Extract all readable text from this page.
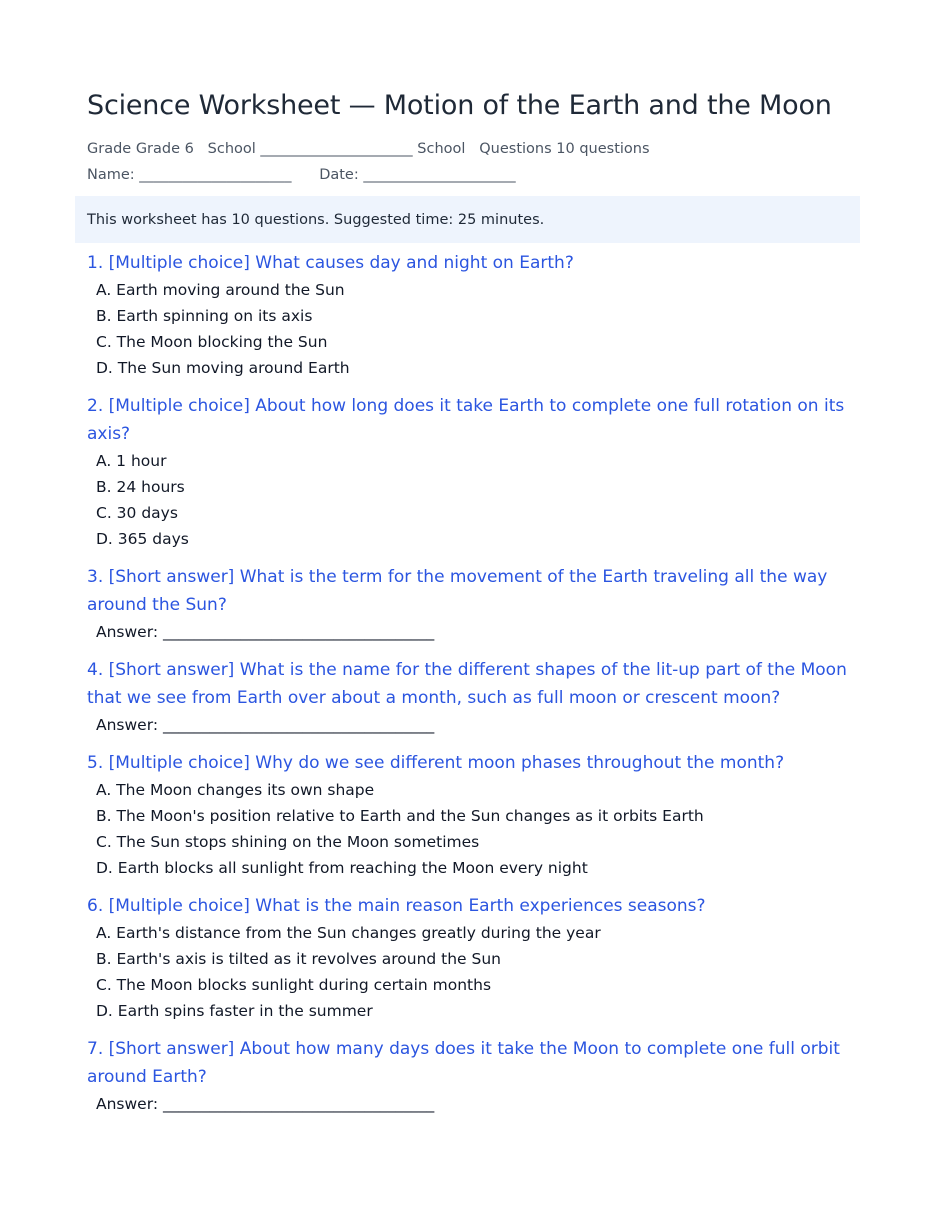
Science Worksheet — Motion of the Earth and the Moon
Grade Grade 6   School _____________________ School   Questions 10 questions
Name: _____________________ Date: _____________________
This worksheet has 10 questions. Suggested time: 25 minutes.
1. [Multiple choice] What causes day and night on Earth?
A. Earth moving around the Sun
B. Earth spinning on its axis
C. The Moon blocking the Sun
D. The Sun moving around Earth
2. [Multiple choice] About how long does it take Earth to complete one full rotation on its axis?
A. 1 hour
B. 24 hours
C. 30 days
D. 365 days
3. [Short answer] What is the term for the movement of the Earth traveling all the way around the Sun?
Answer: ___________________________________
4. [Short answer] What is the name for the different shapes of the lit-up part of the Moon that we see from Earth over about a month, such as full moon or crescent moon?
Answer: ___________________________________
5. [Multiple choice] Why do we see different moon phases throughout the month?
A. The Moon changes its own shape
B. The Moon's position relative to Earth and the Sun changes as it orbits Earth
C. The Sun stops shining on the Moon sometimes
D. Earth blocks all sunlight from reaching the Moon every night
6. [Multiple choice] What is the main reason Earth experiences seasons?
A. Earth's distance from the Sun changes greatly during the year
B. Earth's axis is tilted as it revolves around the Sun
C. The Moon blocks sunlight during certain months
D. Earth spins faster in the summer
7. [Short answer] About how many days does it take the Moon to complete one full orbit around Earth?
Answer: ___________________________________
